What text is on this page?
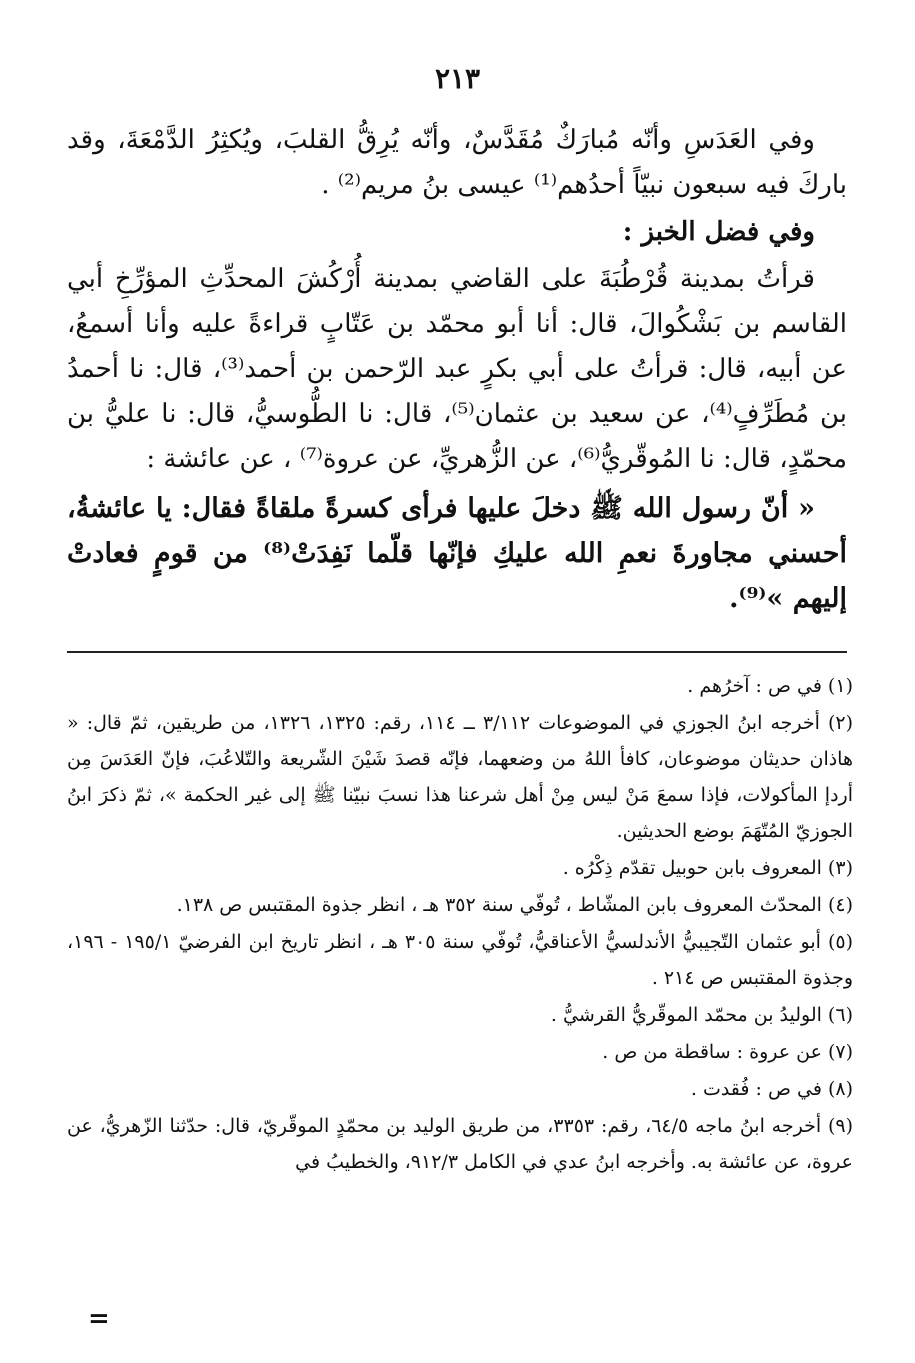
٢١٣

وفي العَدَسِ وأنّه مُبارَكٌ مُقَدَّسٌ، وأنّه يُرِقُّ القلبَ، ويُكثِرُ الدَّمْعَةَ، وقد باركَ فيه سبعون نبيّاً أحدُهم⁽¹⁾ عيسى بنُ مريم⁽²⁾ .

وفي فضل الخبز :

قرأتُ بمدينة قُرْطُبَةَ على القاضي بمدينة أُرْكُشَ المحدِّثِ المؤرِّخِ أبي القاسم بن بَشْكُوالَ، قال: أنا أبو محمّد بن عَتّابٍ قراءةً عليه وأنا أسمعُ، عن أبيه، قال: قرأتُ على أبي بكرٍ عبد الرّحمن بن أحمد⁽³⁾، قال: نا أحمدُ بن مُطَرِّفٍ⁽⁴⁾، عن سعيد بن عثمان⁽⁵⁾، قال: نا الطُّوسيُّ، قال: نا عليُّ بن محمّدٍ، قال: نا المُوقّريُّ⁽⁶⁾، عن الزُّهريِّ، عن عروة⁽⁷⁾ ، عن عائشة :

« أنّ رسول الله ﷺ دخلَ عليها فرأى كسرةً ملقاةً فقال: يا عائشةُ، أحسني مجاورةَ نعمِ الله عليكِ فإنّها قلّما نَفِدَتْ⁽⁸⁾ من قومٍ فعادتْ إليهم »⁽⁹⁾.

(١) في ص : آخرُهم .

(٢) أخرجه ابنُ الجوزي في الموضوعات ٣/١١٢ ــ ١١٤، رقم: ١٣٢٥، ١٣٢٦، من طريقين، ثمّ قال: « هاذان حديثان موضوعان، كافأ اللهُ من وضعهما، فإنّه قصدَ شَيْنَ الشّريعة والتّلاعُبَ، فإنّ العَدَسَ مِن أردإ المأكولات، فإذا سمعَ مَنْ ليس مِنْ أهل شرعنا هذا نسبَ نبيّنا ﷺ إلى غير الحكمة »، ثمّ ذكرَ ابنُ الجوزيّ المُتّهَمَ بوضع الحديثين.

(٣) المعروف بابن حوبيل تقدّم ذِكْرُه .

(٤) المحدّث المعروف بابن المشّاط ، تُوفّي سنة ٣٥٢ هـ ، انظر جذوة المقتبس ص ١٣٨.

(٥) أبو عثمان التّجيبيُّ الأندلسيُّ الأعناقيُّ، تُوفّي سنة ٣٠٥ هـ ، انظر تاريخ ابن الفرضيّ ١٩٥/١ - ١٩٦، وجذوة المقتبس ص ٢١٤ .

(٦) الوليدُ بن محمّد الموقّريُّ القرشيُّ .

(٧) عن عروة : ساقطة من ص .

(٨) في ص : فُقدت .

(٩) أخرجه ابنُ ماجه ٦٤/٥، رقم: ٣٣٥٣، من طريق الوليد بن محمّدٍ الموقّريّ، قال: حدّثنا الزّهريُّ، عن عروة، عن عائشة به. وأخرجه ابنُ عدي في الكامل ٩١٢/٣، والخطيبُ في

=
